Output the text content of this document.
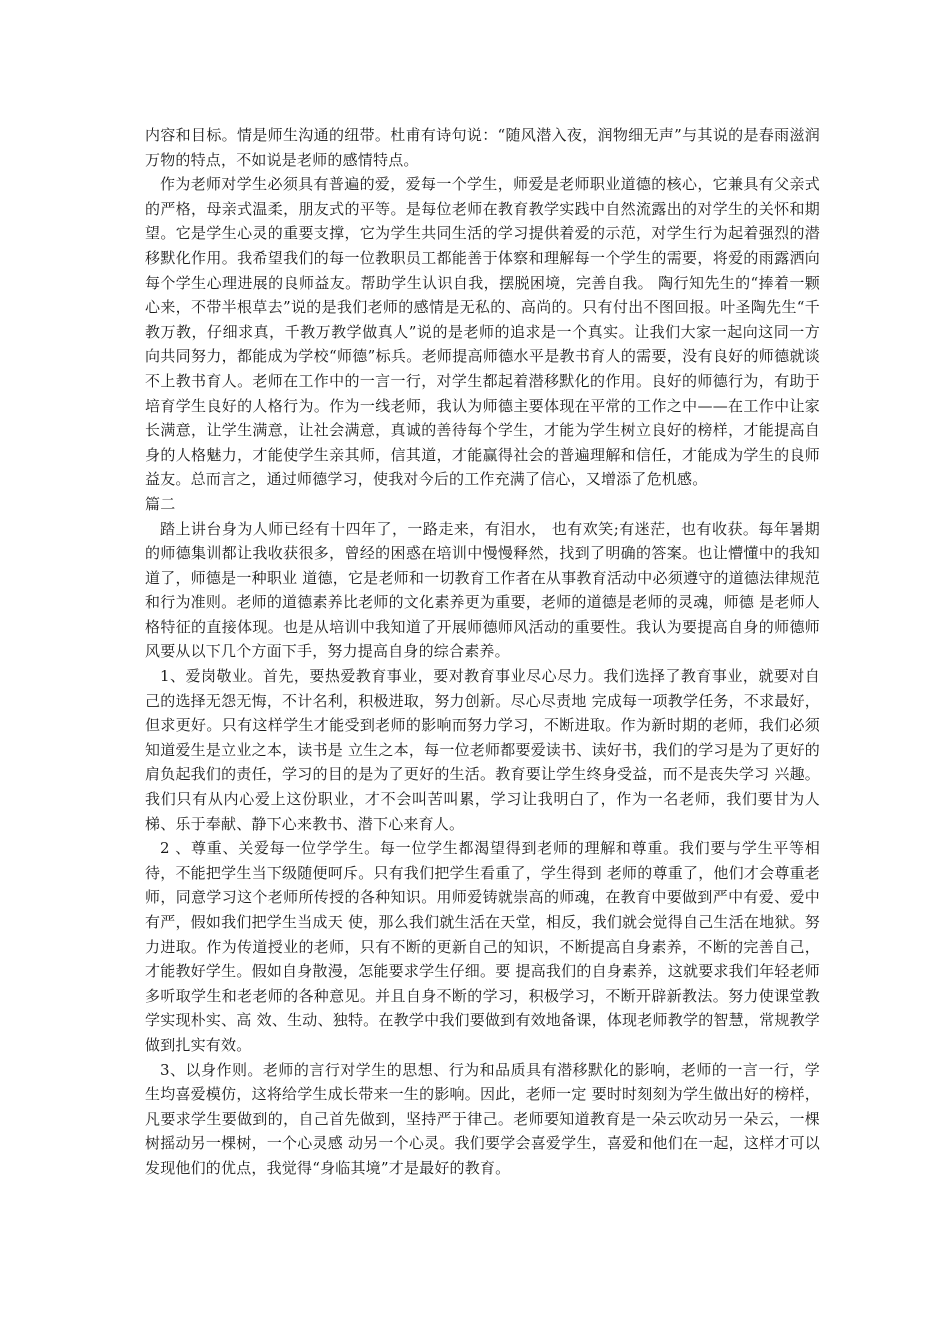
内容和目标。情是师生沟通的纽带。杜甫有诗句说：“随风潜入夜，润物细无声”与其说的是春雨滋润万物的特点，不如说是老师的感情特点。

作为老师对学生必须具有普遍的爱，爱每一个学生，师爱是老师职业道德的核心，它兼具有父亲式的严格，母亲式温柔，朋友式的平等。是每位老师在教育教学实践中自然流露出的对学生的关怀和期望。它是学生心灵的重要支撑，它为学生共同生活的学习提供着爱的示范，对学生行为起着强烈的潜移默化作用。我希望我们的每一位教职员工都能善于体察和理解每一个学生的需要，将爱的雨露洒向每个学生心理进展的良师益友。帮助学生认识自我，摆脱困境，完善自我。 陶行知先生的“捧着一颗心来，不带半根草去”说的是我们老师的感情是无私的、高尚的。只有付出不图回报。叶圣陶先生“千教万教，仔细求真，千教万教学做真人”说的是老师的追求是一个真实。让我们大家一起向这同一方向共同努力，都能成为学校“师德”标兵。老师提高师德水平是教书育人的需要，没有良好的师德就谈不上教书育人。老师在工作中的一言一行，对学生都起着潜移默化的作用。良好的师德行为，有助于培育学生良好的人格行为。作为一线老师，我认为师德主要体现在平常的工作之中——在工作中让家长满意，让学生满意，让社会满意，真诚的善待每个学生，才能为学生树立良好的榜样，才能提高自身的人格魅力，才能使学生亲其师，信其道，才能赢得社会的普遍理解和信任，才能成为学生的良师益友。总而言之，通过师德学习，使我对今后的工作充满了信心，又增添了危机感。

篇二

踏上讲台身为人师已经有十四年了，一路走来，有泪水， 也有欢笑;有迷茫，也有收获。每年暑期的师德集训都让我收获很多，曾经的困惑在培训中慢慢释然，找到了明确的答案。也让懵懂中的我知道了，师德是一种职业 道德，它是老师和一切教育工作者在从事教育活动中必须遵守的道德法律规范和行为准则。老师的道德素养比老师的文化素养更为重要，老师的道德是老师的灵魂，师德 是老师人格特征的直接体现。也是从培训中我知道了开展师德师风活动的重要性。我认为要提高自身的师德师风要从以下几个方面下手，努力提高自身的综合素养。

1、爱岗敬业。首先，要热爱教育事业，要对教育事业尽心尽力。我们选择了教育事业，就要对自己的选择无怨无悔，不计名利，积极进取，努力创新。尽心尽责地 完成每一项教学任务，不求最好，但求更好。只有这样学生才能受到老师的影响而努力学习，不断进取。作为新时期的老师，我们必须知道爱生是立业之本，读书是 立生之本，每一位老师都要爱读书、读好书，我们的学习是为了更好的肩负起我们的责任，学习的目的是为了更好的生活。教育要让学生终身受益，而不是丧失学习 兴趣。我们只有从内心爱上这份职业，才不会叫苦叫累，学习让我明白了，作为一名老师，我们要甘为人梯、乐于奉献、静下心来教书、潜下心来育人。

2 、尊重、关爱每一位学学生。每一位学生都渴望得到老师的理解和尊重。我们要与学生平等相待，不能把学生当下级随便呵斥。只有我们把学生看重了，学生得到 老师的尊重了，他们才会尊重老师，同意学习这个老师所传授的各种知识。用师爱铸就崇高的师魂，在教育中要做到严中有爱、爱中有严，假如我们把学生当成天 使，那么我们就生活在天堂，相反，我们就会觉得自己生活在地狱。努力进取。作为传道授业的老师，只有不断的更新自己的知识，不断提高自身素养，不断的完善自己，才能教好学生。假如自身散漫，怎能要求学生仔细。要 提高我们的自身素养，这就要求我们年轻老师多听取学生和老老师的各种意见。并且自身不断的学习，积极学习，不断开辟新教法。努力使课堂教学实现朴实、高 效、生动、独特。在教学中我们要做到有效地备课，体现老师教学的智慧，常规教学做到扎实有效。

3、以身作则。老师的言行对学生的思想、行为和品质具有潜移默化的影响，老师的一言一行，学生均喜爱模仿，这将给学生成长带来一生的影响。因此，老师一定 要时时刻刻为学生做出好的榜样，凡要求学生要做到的，自己首先做到，坚持严于律己。老师要知道教育是一朵云吹动另一朵云，一棵树摇动另一棵树，一个心灵感 动另一个心灵。我们要学会喜爱学生，喜爱和他们在一起，这样才可以发现他们的优点，我觉得“身临其境”才是最好的教育。
